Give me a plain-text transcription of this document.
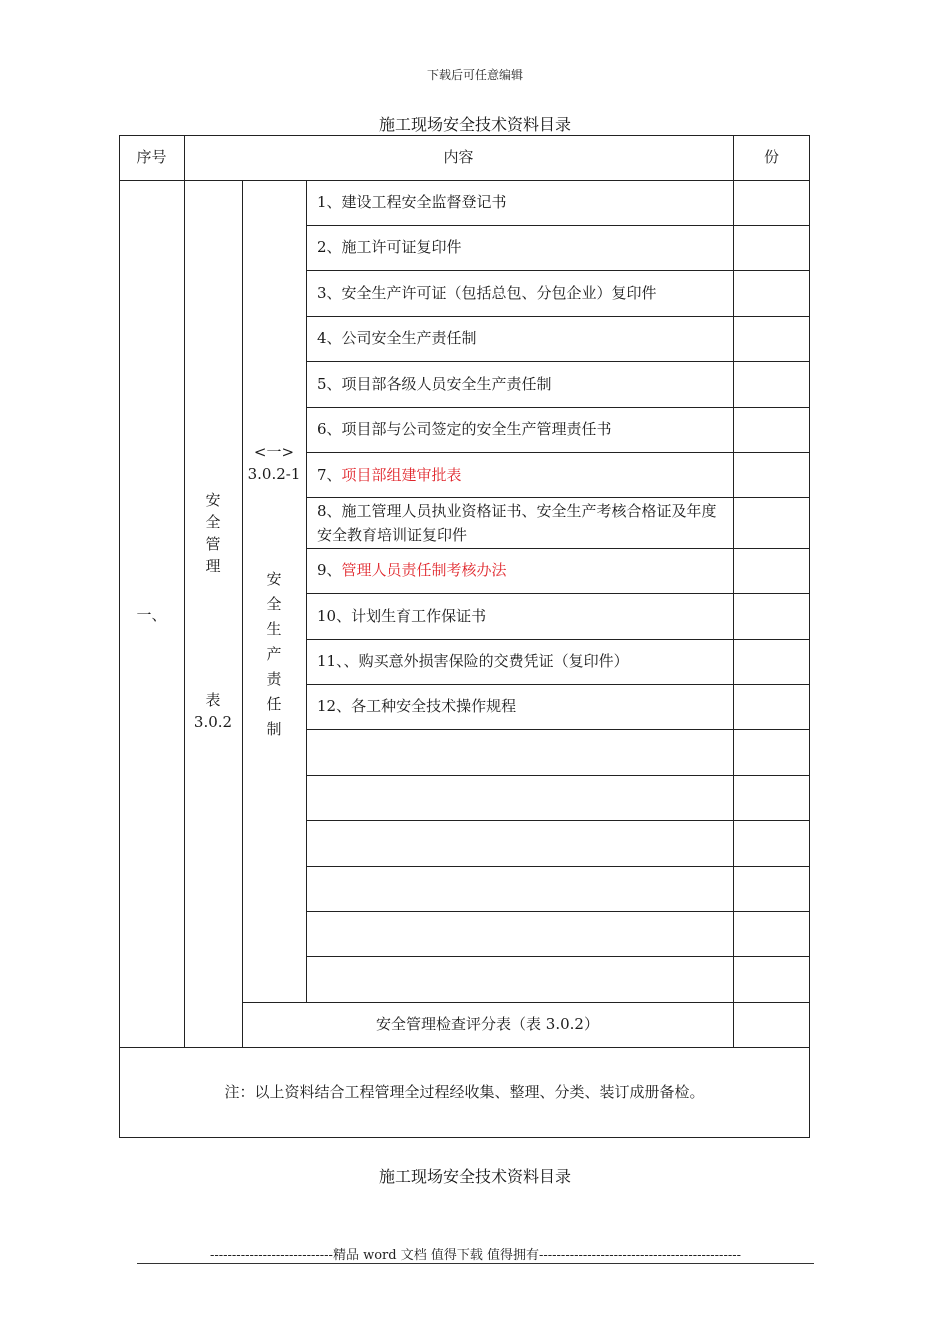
下载后可任意编辑
施工现场安全技术资料目录
序号	内容	份
一、
安
全
管
理
表
3.0.2
<一>
3.0.2-1
安
全
生
产
责
任
制
1、建设工程安全监督登记书
2、施工许可证复印件
3、安全生产许可证（包括总包、分包企业）复印件
4、公司安全生产责任制
5、项目部各级人员安全生产责任制
6、项目部与公司签定的安全生产管理责任书
7、项目部组建审批表
8、施工管理人员执业资格证书、安全生产考核合格证及年度安全教育培训证复印件
9、管理人员责任制考核办法
10、计划生育工作保证书
11、、购买意外损害保险的交费凭证（复印件）
12、各工种安全技术操作规程
安全管理检查评分表（表 3.0.2）
注：以上资料结合工程管理全过程经收集、整理、分类、装订成册备检。
施工现场安全技术资料目录
----------------------------精品 word 文档 值得下载 值得拥有----------------------------------------------
